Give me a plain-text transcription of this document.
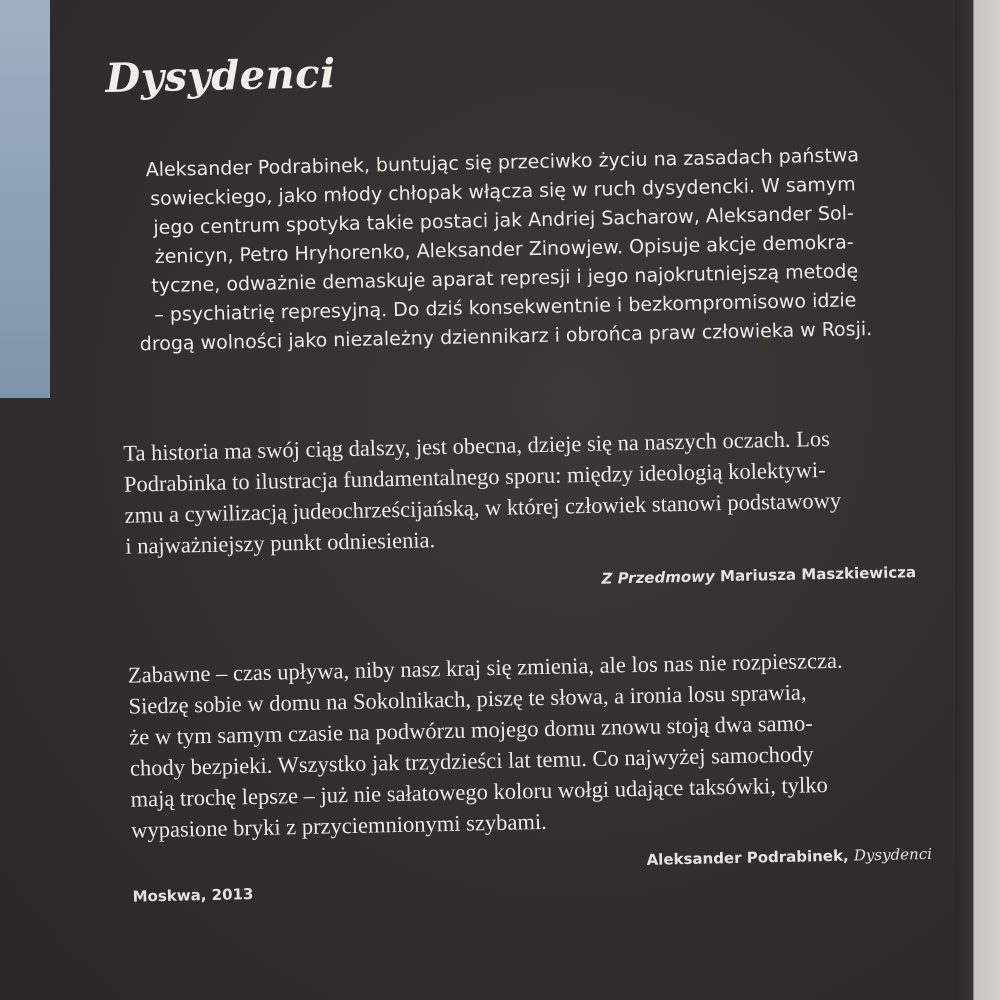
Dysydenci
Aleksander Podrabinek, buntując się przeciwko życiu na zasadach państwa
sowieckiego, jako młody chłopak włącza się w ruch dysydencki. W samym
jego centrum spotyka takie postaci jak Andriej Sacharow, Aleksander Sol-
żenicyn, Petro Hryhorenko, Aleksander Zinowjew. Opisuje akcje demokra-
tyczne, odważnie demaskuje aparat represji i jego najokrutniejszą metodę
– psychiatrię represyjną. Do dziś konsekwentnie i bezkompromisowo idzie
drogą wolności jako niezależny dziennikarz i obrońca praw człowieka w Rosji.
Ta historia ma swój ciąg dalszy, jest obecna, dzieje się na naszych oczach. Los
Podrabinka to ilustracja fundamentalnego sporu: między ideologią kolektywi-
zmu a cywilizacją judeochrześcijańską, w której człowiek stanowi podstawowy
i najważniejszy punkt odniesienia.
Z Przedmowy Mariusza Maszkiewicza
Zabawne – czas upływa, niby nasz kraj się zmienia, ale los nas nie rozpieszcza.
Siedzę sobie w domu na Sokolnikach, piszę te słowa, a ironia losu sprawia,
że w tym samym czasie na podwórzu mojego domu znowu stoją dwa samo-
chody bezpieki. Wszystko jak trzydzieści lat temu. Co najwyżej samochody
mają trochę lepsze – już nie sałatowego koloru wołgi udające taksówki, tylko
wypasione bryki z przyciemnionymi szybami.
Aleksander Podrabinek, Dysydenci
Moskwa, 2013
